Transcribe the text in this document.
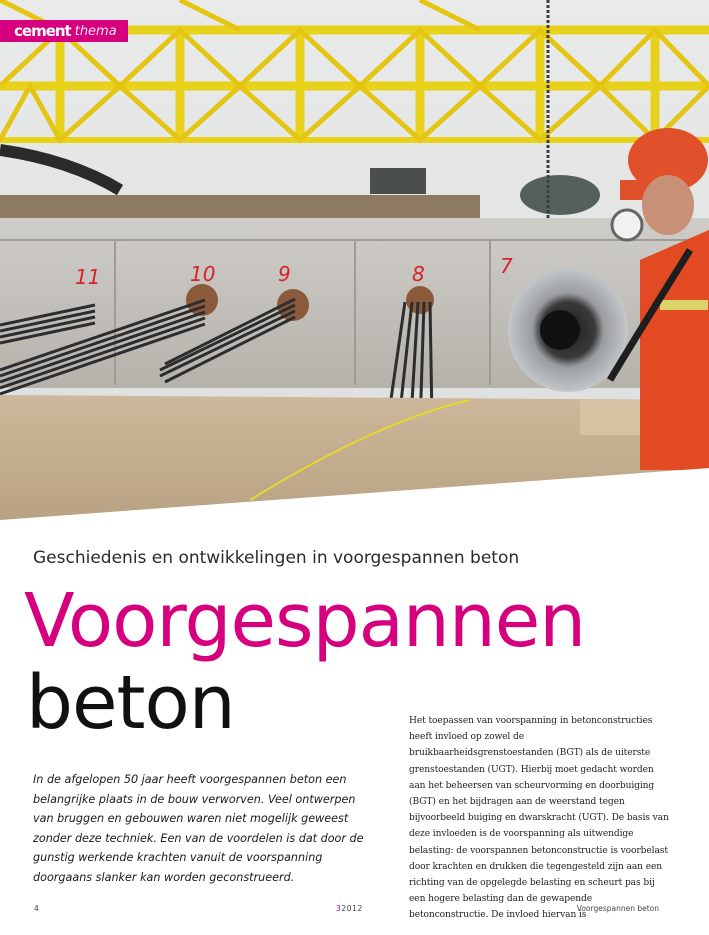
11	10	9	8	7
cement thema
Geschiedenis en ontwikkelingen in voorgespannen beton
Voorgespannen
beton
In de afgelopen 50 jaar heeft voorgespannen beton een belangrijke plaats in de bouw verworven. Veel ontwerpen van bruggen en gebouwen waren niet mogelijk geweest zonder deze techniek. Een van de voordelen is dat door de gunstig werkende krachten vanuit de voorspanning doorgaans slanker kan worden geconstrueerd.
Het toepassen van voorspanning in betonconstructies heeft invloed op zowel de bruikbaarheidsgrenstoestanden (BGT) als de uiterste grenstoestanden (UGT). Hierbij moet gedacht worden aan het beheersen van scheurvorming en doorbuiging (BGT) en het bijdragen aan de weerstand tegen bijvoorbeeld buiging en dwarskracht (UGT). De basis van deze invloeden is de voorspanning als uitwendige belasting: de voorspannen betonconstructie is voorbelast door krachten en drukken die tegengesteld zijn aan een richting van de opgelegde belasting en scheurt pas bij een hogere belasting dan de gewapende betonconstructie. De invloed hiervan is
4	32012	Voorgespannen beton
